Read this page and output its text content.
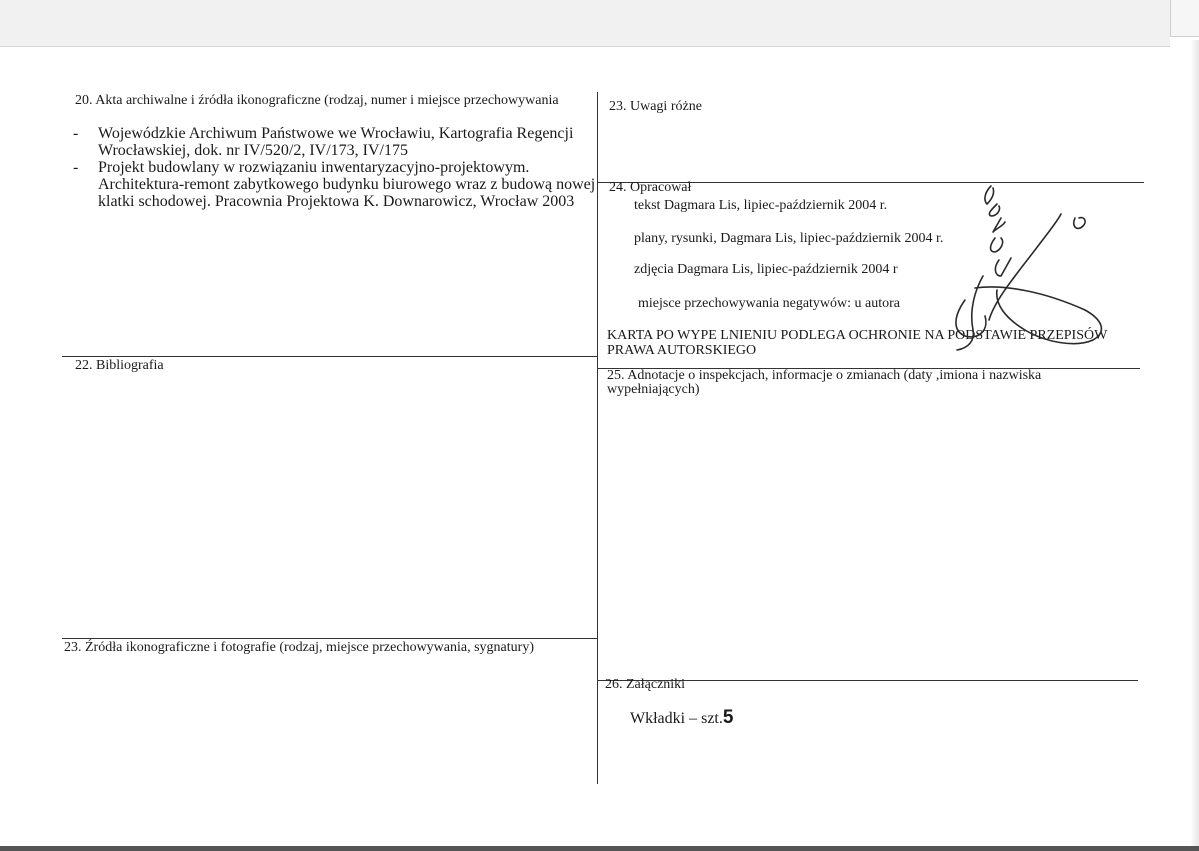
20. Akta archiwalne i źródła ikonograficzne (rodzaj, numer i miejsce przechowywania
- Wojewódzkie Archiwum Państwowe we Wrocławiu, Kartografia Regencji
Wrocławskiej, dok. nr IV/520/2, IV/173, IV/175
- Projekt budowlany w rozwiązaniu inwentaryzacyjno-projektowym.
Architektura-remont zabytkowego budynku biurowego wraz z budową nowej
klatki schodowej. Pracownia Projektowa K. Downarowicz, Wrocław 2003
22. Bibliografia
23. Źródła ikonograficzne i fotografie (rodzaj, miejsce przechowywania, sygnatury)
23. Uwagi różne
24. Opracował
tekst Dagmara Lis, lipiec-październik 2004 r.
plany, rysunki, Dagmara Lis, lipiec-październik 2004 r.
zdjęcia Dagmara Lis, lipiec-październik 2004 r
miejsce przechowywania negatywów: u autora
KARTA PO WYPE LNIENIU PODLEGA OCHRONIE NA PODSTAWIE PRZEPISÓW
PRAWA AUTORSKIEGO
25. Adnotacje o inspekcjach, informacje o zmianach (daty ,imiona i nazwiska
wypełniających)
26. Załączniki
Wkładki – szt.5
